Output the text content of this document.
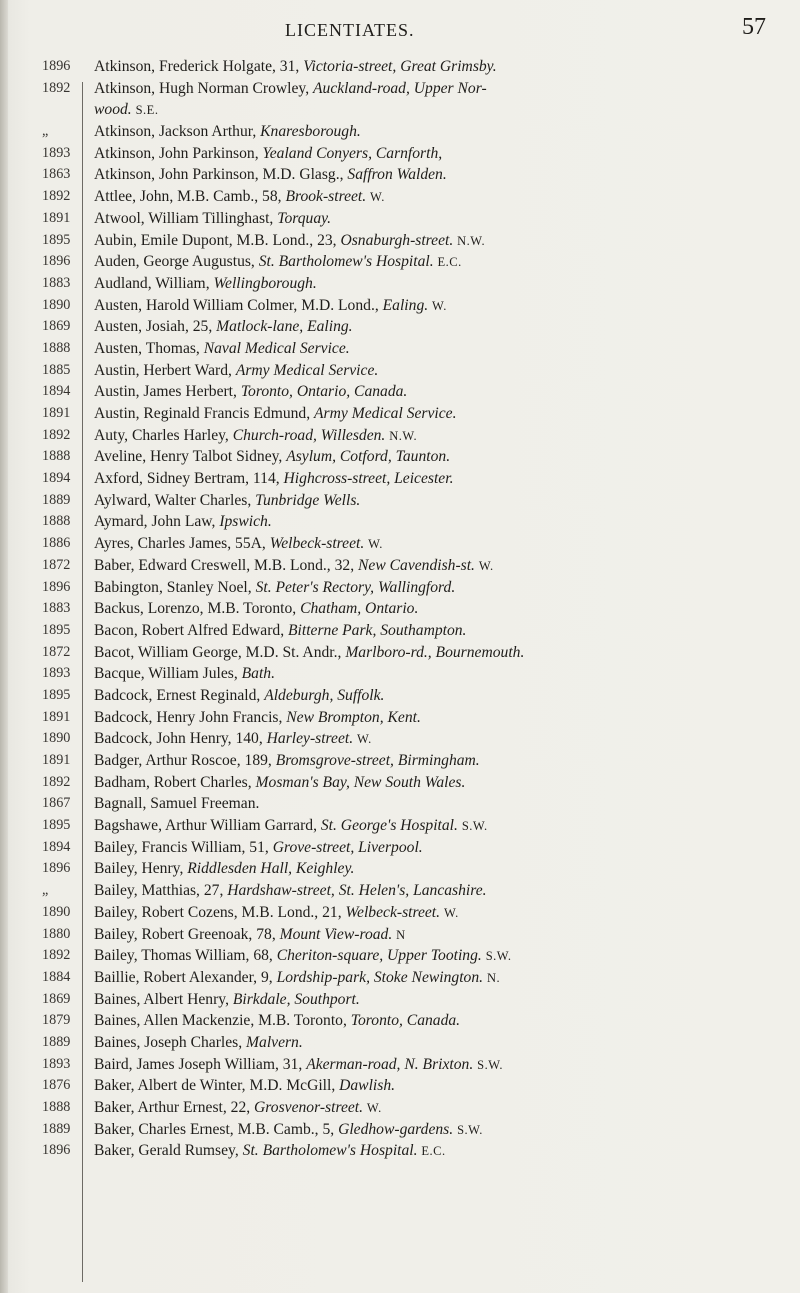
LICENTIATES.	57
1896	Atkinson, Frederick Holgate, 31, Victoria-street, Great Grimsby.
1892	Atkinson, Hugh Norman Crowley, Auckland-road, Upper Nor-
wood. S.E.
„	Atkinson, Jackson Arthur, Knaresborough.
1893	Atkinson, John Parkinson, Yealand Conyers, Carnforth,
1863	Atkinson, John Parkinson, M.D. Glasg., Saffron Walden.
1892	Attlee, John, M.B. Camb., 58, Brook-street. W.
1891	Atwool, William Tillinghast, Torquay.
1895	Aubin, Emile Dupont, M.B. Lond., 23, Osnaburgh-street. N.W.
1896	Auden, George Augustus, St. Bartholomew's Hospital. E.C.
1883	Audland, William, Wellingborough.
1890	Austen, Harold William Colmer, M.D. Lond., Ealing. W.
1869	Austen, Josiah, 25, Matlock-lane, Ealing.
1888	Austen, Thomas, Naval Medical Service.
1885	Austin, Herbert Ward, Army Medical Service.
1894	Austin, James Herbert, Toronto, Ontario, Canada.
1891	Austin, Reginald Francis Edmund, Army Medical Service.
1892	Auty, Charles Harley, Church-road, Willesden. N.W.
1888	Aveline, Henry Talbot Sidney, Asylum, Cotford, Taunton.
1894	Axford, Sidney Bertram, 114, Highcross-street, Leicester.
1889	Aylward, Walter Charles, Tunbridge Wells.
1888	Aymard, John Law, Ipswich.
1886	Ayres, Charles James, 55A, Welbeck-street. W.
1872	Baber, Edward Creswell, M.B. Lond., 32, New Cavendish-st. W.
1896	Babington, Stanley Noel, St. Peter's Rectory, Wallingford.
1883	Backus, Lorenzo, M.B. Toronto, Chatham, Ontario.
1895	Bacon, Robert Alfred Edward, Bitterne Park, Southampton.
1872	Bacot, William George, M.D. St. Andr., Marlboro-rd., Bournemouth.
1893	Bacque, William Jules, Bath.
1895	Badcock, Ernest Reginald, Aldeburgh, Suffolk.
1891	Badcock, Henry John Francis, New Brompton, Kent.
1890	Badcock, John Henry, 140, Harley-street. W.
1891	Badger, Arthur Roscoe, 189, Bromsgrove-street, Birmingham.
1892	Badham, Robert Charles, Mosman's Bay, New South Wales.
1867	Bagnall, Samuel Freeman.
1895	Bagshawe, Arthur William Garrard, St. George's Hospital. S.W.
1894	Bailey, Francis William, 51, Grove-street, Liverpool.
1896	Bailey, Henry, Riddlesden Hall, Keighley.
„	Bailey, Matthias, 27, Hardshaw-street, St. Helen's, Lancashire.
1890	Bailey, Robert Cozens, M.B. Lond., 21, Welbeck-street. W.
1880	Bailey, Robert Greenoak, 78, Mount View-road. N
1892	Bailey, Thomas William, 68, Cheriton-square, Upper Tooting. S.W.
1884	Baillie, Robert Alexander, 9, Lordship-park, Stoke Newington. N.
1869	Baines, Albert Henry, Birkdale, Southport.
1879	Baines, Allen Mackenzie, M.B. Toronto, Toronto, Canada.
1889	Baines, Joseph Charles, Malvern.
1893	Baird, James Joseph William, 31, Akerman-road, N. Brixton. S.W.
1876	Baker, Albert de Winter, M.D. McGill, Dawlish.
1888	Baker, Arthur Ernest, 22, Grosvenor-street. W.
1889	Baker, Charles Ernest, M.B. Camb., 5, Gledhow-gardens. S.W.
1896	Baker, Gerald Rumsey, St. Bartholomew's Hospital. E.C.
